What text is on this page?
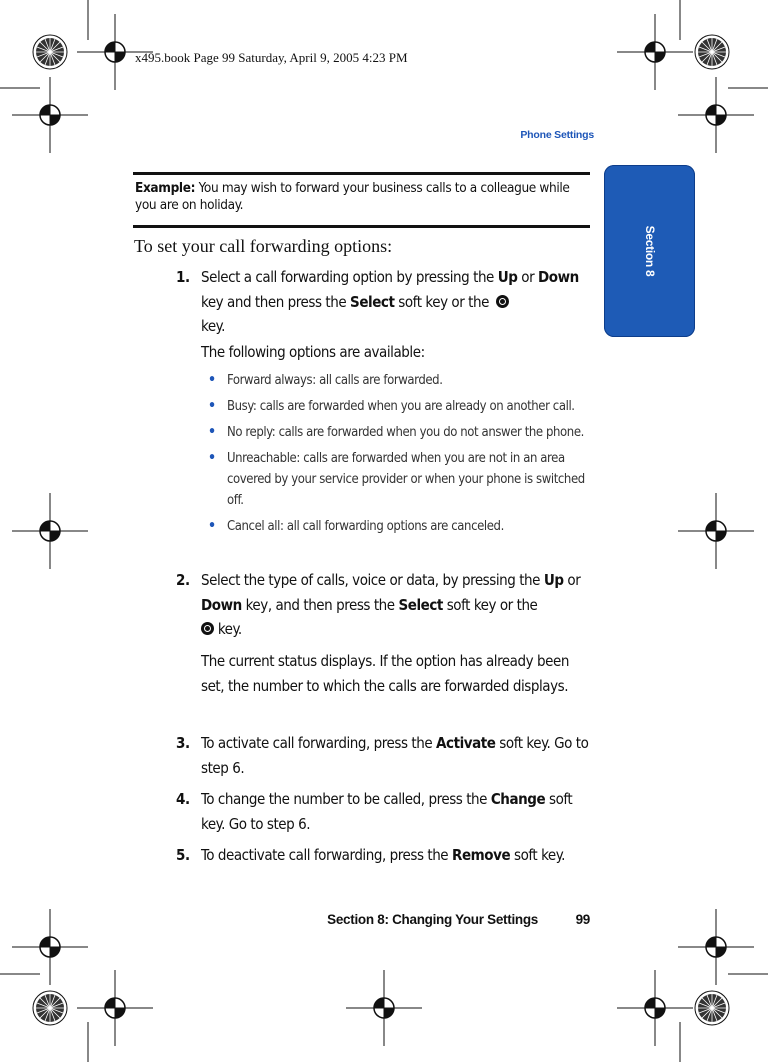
x495.book Page 99 Saturday, April 9, 2005 4:23 PM
Phone Settings
Section 8
Example: You may wish to forward your business calls to a colleague while you are on holiday.
To set your call forwarding options:
1. Select a call forwarding option by pressing the Up or Down key and then press the Select soft key or the
key.
The following options are available:
• Forward always: all calls are forwarded.
• Busy: calls are forwarded when you are already on another call.
• No reply: calls are forwarded when you do not answer the phone.
• Unreachable: calls are forwarded when you are not in an area covered by your service provider or when your phone is switched off.
• Cancel all: all call forwarding options are canceled.
2. Select the type of calls, voice or data, by pressing the Up or Down key, and then press the Select soft key or the
key.
The current status displays. If the option has already been set, the number to which the calls are forwarded displays.
3. To activate call forwarding, press the Activate soft key. Go to step 6.
4. To change the number to be called, press the Change soft key. Go to step 6.
5. To deactivate call forwarding, press the Remove soft key.
Section 8: Changing Your Settings	99
